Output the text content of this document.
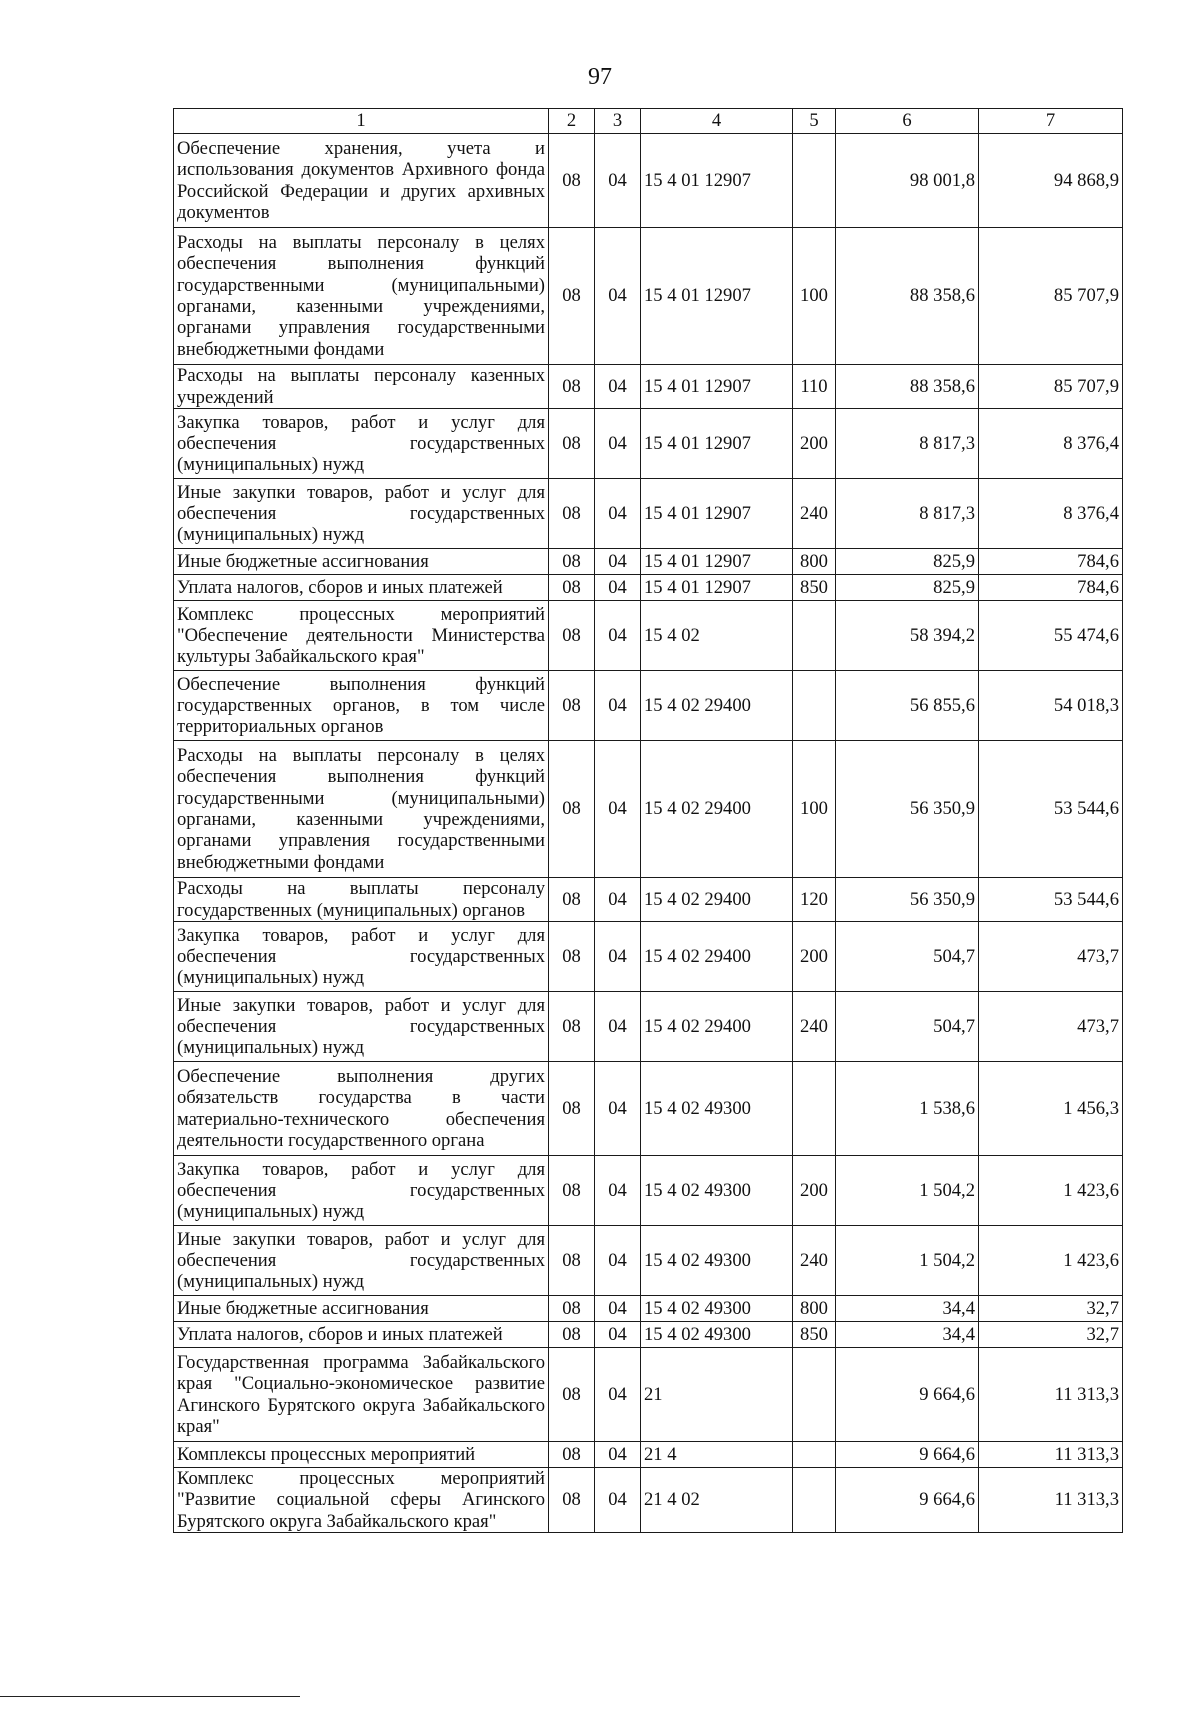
97
1	2	3	4	5	6	7
Обеспечение хранения, учета и использования документов Архивного фонда Российской Федерации и других архивных документов	08	04	15 4 01 12907		98 001,8	94 868,9
Расходы на выплаты персоналу в целях обеспечения выполнения функций государственными (муниципальными) органами, казенными учреждениями, органами управления государственными внебюджетными фондами	08	04	15 4 01 12907	100	88 358,6	85 707,9
Расходы на выплаты персоналу казенных учреждений	08	04	15 4 01 12907	110	88 358,6	85 707,9
Закупка товаров, работ и услуг для обеспечения государственных (муниципальных) нужд	08	04	15 4 01 12907	200	8 817,3	8 376,4
Иные закупки товаров, работ и услуг для обеспечения государственных (муниципальных) нужд	08	04	15 4 01 12907	240	8 817,3	8 376,4
Иные бюджетные ассигнования	08	04	15 4 01 12907	800	825,9	784,6
Уплата налогов, сборов и иных платежей	08	04	15 4 01 12907	850	825,9	784,6
Комплекс процессных мероприятий "Обеспечение деятельности Министерства культуры Забайкальского края"	08	04	15 4 02		58 394,2	55 474,6
Обеспечение выполнения функций государственных органов, в том числе территориальных органов	08	04	15 4 02 29400		56 855,6	54 018,3
Расходы на выплаты персоналу в целях обеспечения выполнения функций государственными (муниципальными) органами, казенными учреждениями, органами управления государственными внебюджетными фондами	08	04	15 4 02 29400	100	56 350,9	53 544,6
Расходы на выплаты персоналу государственных (муниципальных) органов	08	04	15 4 02 29400	120	56 350,9	53 544,6
Закупка товаров, работ и услуг для обеспечения государственных (муниципальных) нужд	08	04	15 4 02 29400	200	504,7	473,7
Иные закупки товаров, работ и услуг для обеспечения государственных (муниципальных) нужд	08	04	15 4 02 29400	240	504,7	473,7
Обеспечение выполнения других обязательств государства в части материально-технического обеспечения деятельности государственного органа	08	04	15 4 02 49300		1 538,6	1 456,3
Закупка товаров, работ и услуг для обеспечения государственных (муниципальных) нужд	08	04	15 4 02 49300	200	1 504,2	1 423,6
Иные закупки товаров, работ и услуг для обеспечения государственных (муниципальных) нужд	08	04	15 4 02 49300	240	1 504,2	1 423,6
Иные бюджетные ассигнования	08	04	15 4 02 49300	800	34,4	32,7
Уплата налогов, сборов и иных платежей	08	04	15 4 02 49300	850	34,4	32,7
Государственная программа Забайкальского края "Социально-экономическое развитие Агинского Бурятского округа Забайкальского края"	08	04	21		9 664,6	11 313,3
Комплексы процессных мероприятий	08	04	21 4		9 664,6	11 313,3
Комплекс процессных мероприятий "Развитие социальной сферы Агинского Бурятского округа Забайкальского края"	08	04	21 4 02		9 664,6	11 313,3
